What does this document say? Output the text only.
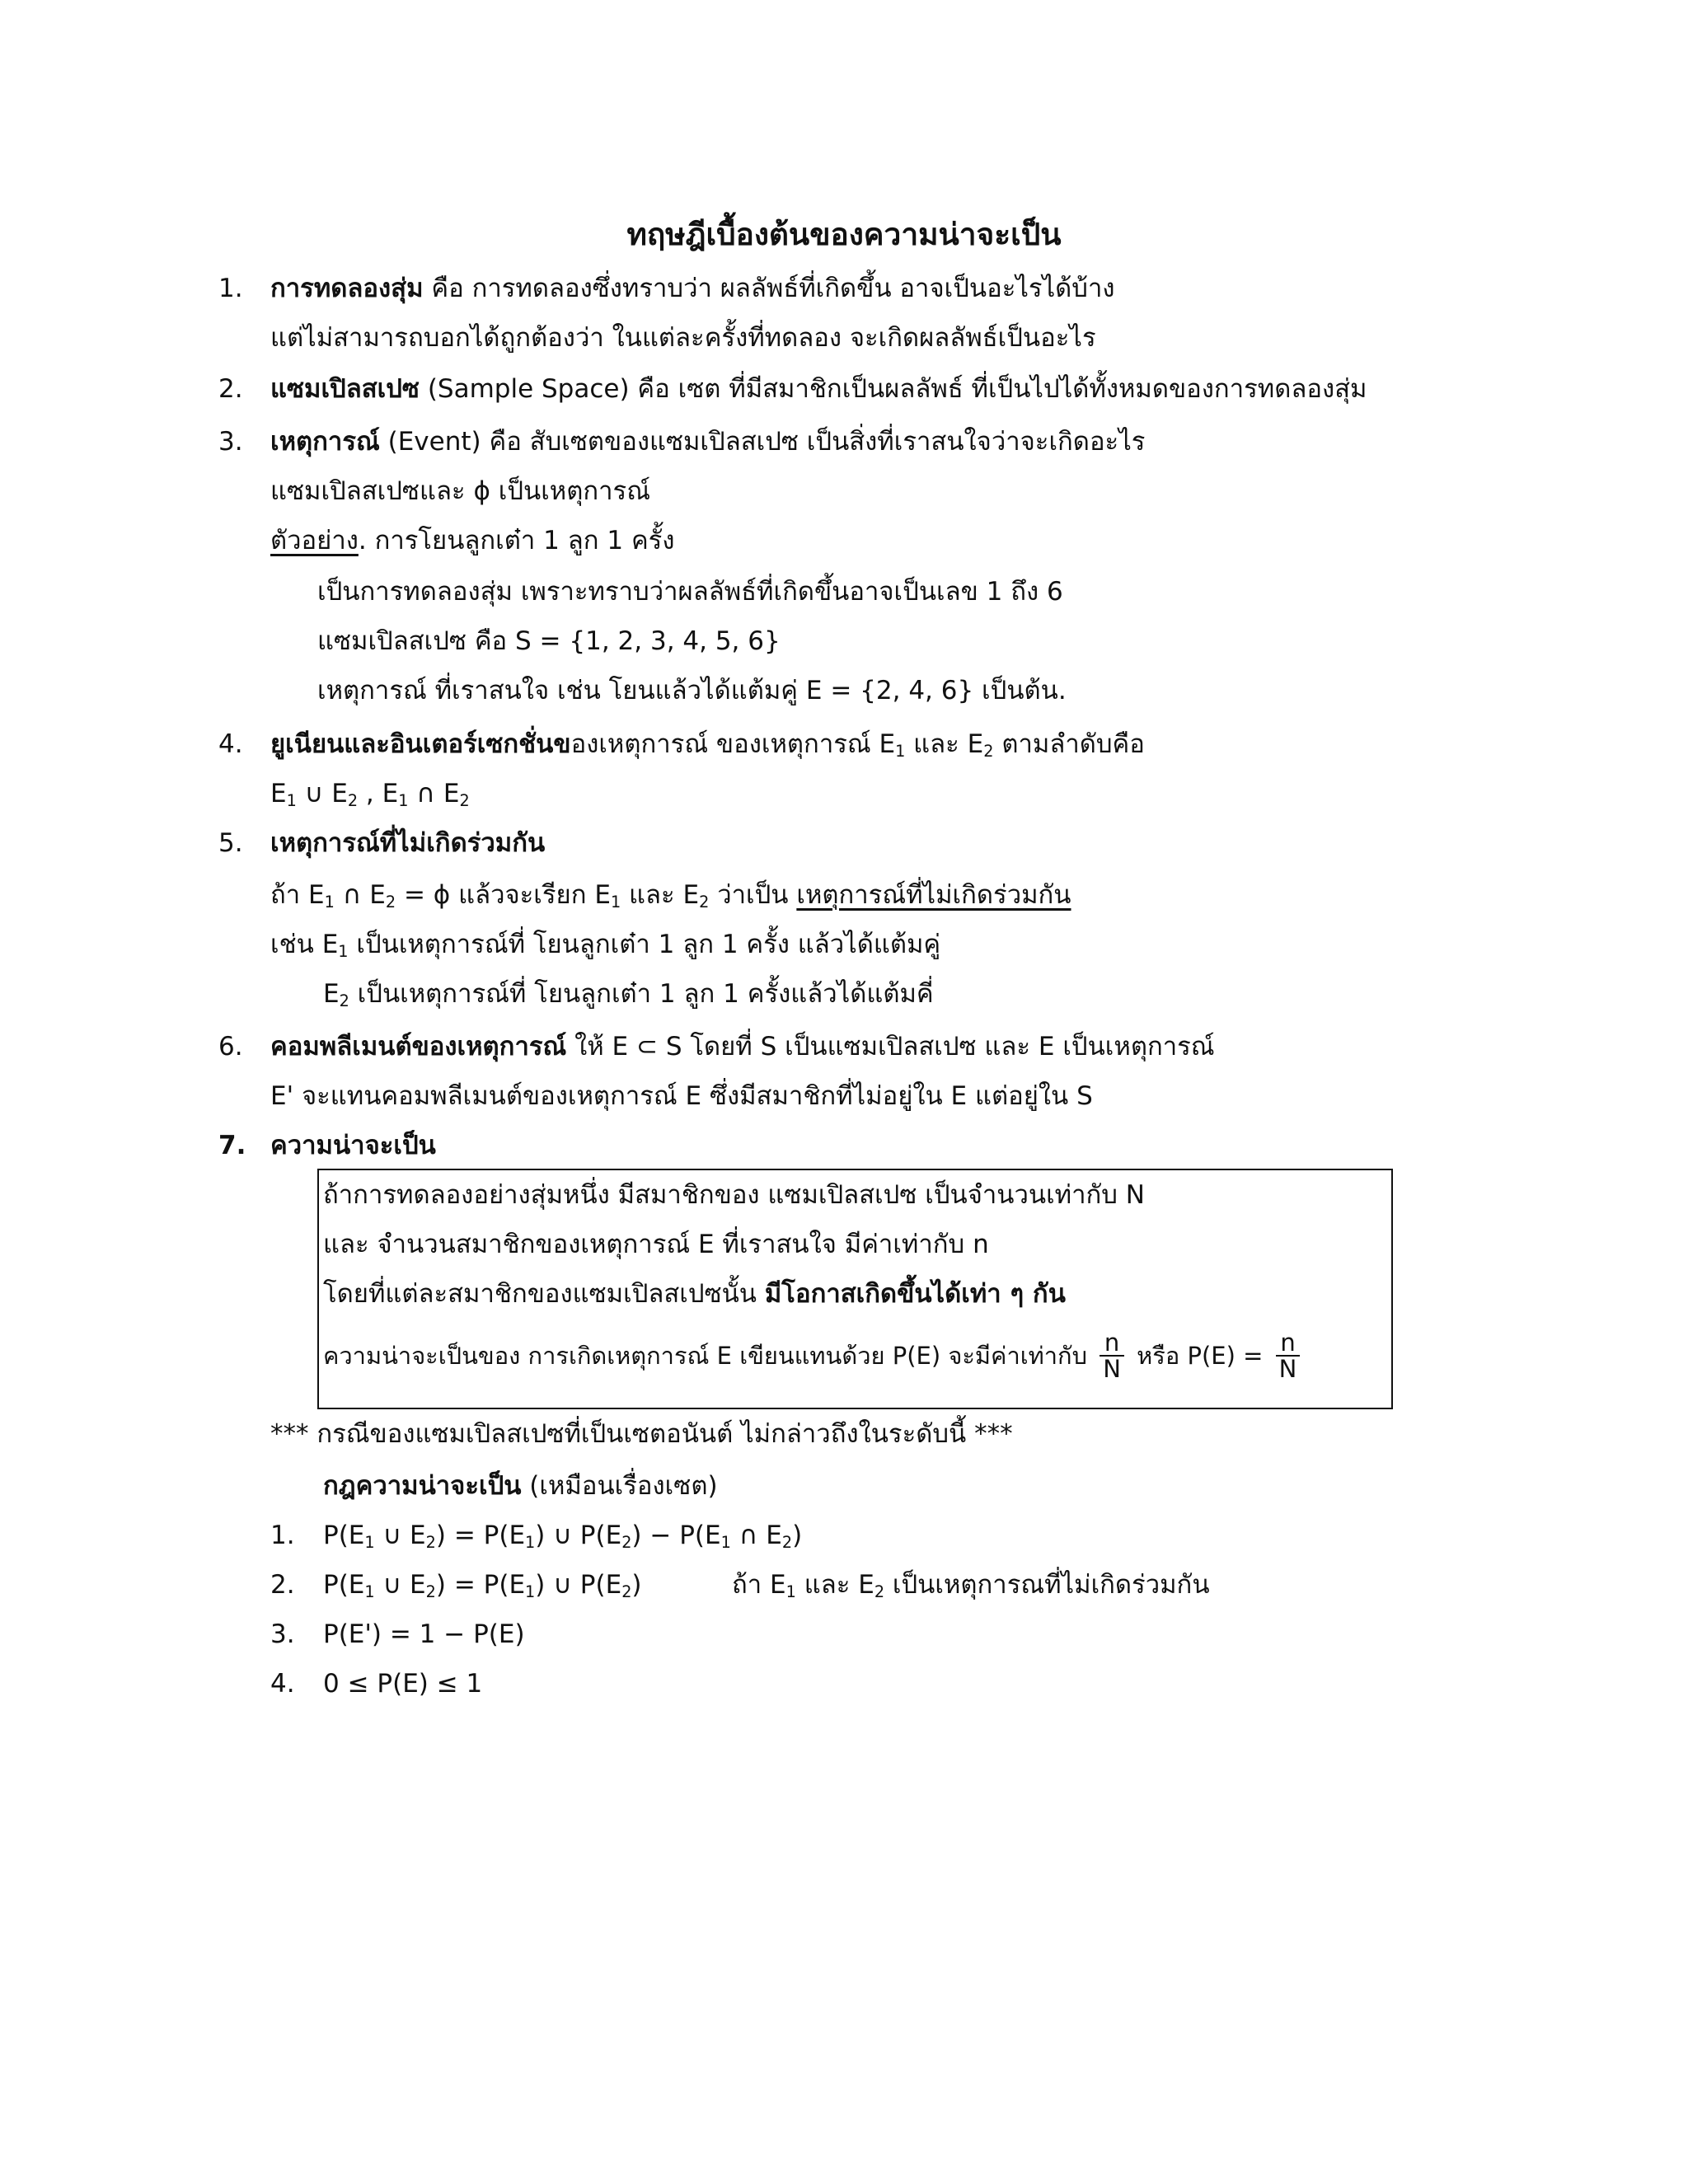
ทฤษฎีเบื้องต้นของความน่าจะเป็น
1. การทดลองสุ่ม คือ การทดลองซึ่งทราบว่า ผลลัพธ์ที่เกิดขึ้น อาจเป็นอะไรได้บ้าง
แต่ไม่สามารถบอกได้ถูกต้องว่า ในแต่ละครั้งที่ทดลอง จะเกิดผลลัพธ์เป็นอะไร
2. แซมเปิลสเปซ (Sample Space) คือ เซต ที่มีสมาชิกเป็นผลลัพธ์ ที่เป็นไปได้ทั้งหมดของการทดลองสุ่ม
3. เหตุการณ์ (Event) คือ สับเซตของแซมเปิลสเปซ เป็นสิ่งที่เราสนใจว่าจะเกิดอะไร
แซมเปิลสเปซและ ϕ เป็นเหตุการณ์
ตัวอย่าง. การโยนลูกเต๋า 1 ลูก 1 ครั้ง
เป็นการทดลองสุ่ม เพราะทราบว่าผลลัพธ์ที่เกิดขึ้นอาจเป็นเลข 1 ถึง 6
แซมเปิลสเปซ คือ S = {1, 2, 3, 4, 5, 6}
เหตุการณ์ ที่เราสนใจ เช่น โยนแล้วได้แต้มคู่ E = {2, 4, 6} เป็นต้น.
4. ยูเนียนและอินเตอร์เซกชั่นของเหตุการณ์ ของเหตุการณ์ $E_1$ และ $E_2$ ตามลำดับคือ
$E_1$ ∪ $E_2$ , $E_1$ ∩ $E_2$
5. เหตุการณ์ที่ไม่เกิดร่วมกัน
ถ้า $E_1$ ∩ $E_2 = \phi$ แล้วจะเรียก $E_1$ และ $E_2$ ว่าเป็น เหตุการณ์ที่ไม่เกิดร่วมกัน
เช่น $E_1$ เป็นเหตุการณ์ที่ โยนลูกเต๋า 1 ลูก 1 ครั้ง แล้วได้แต้มคู่
$E_2$ เป็นเหตุการณ์ที่ โยนลูกเต๋า 1 ลูก 1 ครั้งแล้วได้แต้มคี่
6. คอมพลีเมนต์ของเหตุการณ์ ให้ E ⊂ S โดยที่ S เป็นแซมเปิลสเปซ และ E เป็นเหตุการณ์
E' จะแทนคอมพลีเมนต์ของเหตุการณ์ E ซึ่งมีสมาชิกที่ไม่อยู่ใน E แต่อยู่ใน S
7. ความน่าจะเป็น
ถ้าการทดลองอย่างสุ่มหนึ่ง มีสมาชิกของ แซมเปิลสเปซ เป็นจำนวนเท่ากับ N
และ จำนวนสมาชิกของเหตุการณ์ E ที่เราสนใจ มีค่าเท่ากับ n
โดยที่แต่ละสมาชิกของแซมเปิลสเปซนั้น มีโอกาสเกิดขึ้นได้เท่า ๆ กัน
ความน่าจะเป็นของ การเกิดเหตุการณ์ E เขียนแทนด้วย P(E) จะมีค่าเท่ากับ $\frac{n}{N}$ หรือ $P(E) = \frac{n}{N}$
*** กรณีของแซมเปิลสเปซที่เป็นเซตอนันต์ ไม่กล่าวถึงในระดับนี้ ***
กฎความน่าจะเป็น (เหมือนเรื่องเซต)
1. $P(E_1$ ∪ $E_2) = P(E_1)$ ∪ $P(E_2) - P(E_1$ ∩ $E_2$)
2. $P(E_1$ ∪ $E_2) = P(E_1)$ ∪ $P(E_2)$	ถ้า $E_1$ และ $E_2$ เป็นเหตุการณที่ไม่เกิดร่วมกัน
3. P(E') = 1 − P(E)
4. 0 ≤ P(E) ≤ 1
